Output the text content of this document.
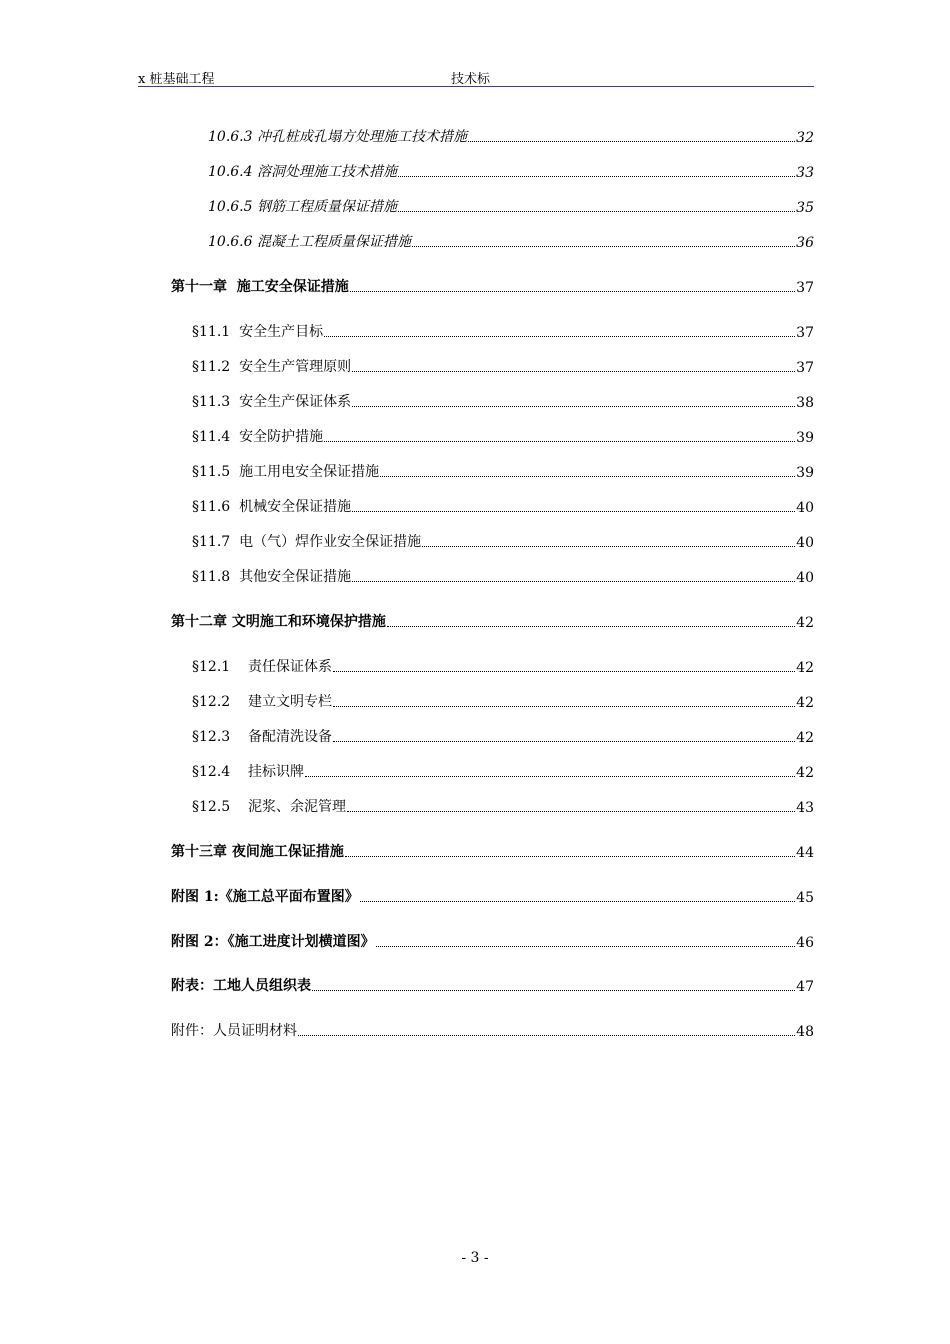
x 桩基础工程	技术标
10.6.3 冲孔桩成孔塌方处理施工技术措施	32
10.6.4 溶洞处理施工技术措施	33
10.6.5 钢筋工程质量保证措施	35
10.6.6 混凝土工程质量保证措施	36
第十一章  施工安全保证措施	37
§11.1  安全生产目标	37
§11.2  安全生产管理原则	37
§11.3  安全生产保证体系	38
§11.4  安全防护措施	39
§11.5  施工用电安全保证措施	39
§11.6  机械安全保证措施	40
§11.7  电（气）焊作业安全保证措施	40
§11.8  其他安全保证措施	40
第十二章 文明施工和环境保护措施	42
§12.1    责任保证体系	42
§12.2    建立文明专栏	42
§12.3    备配清洗设备	42
§12.4    挂标识牌	42
§12.5    泥浆、余泥管理	43
第十三章 夜间施工保证措施	44
附图 1:《施工总平面布置图》	45
附图 2：《施工进度计划横道图》	46
附表：工地人员组织表	47
附件：人员证明材料	48
- 3 -
